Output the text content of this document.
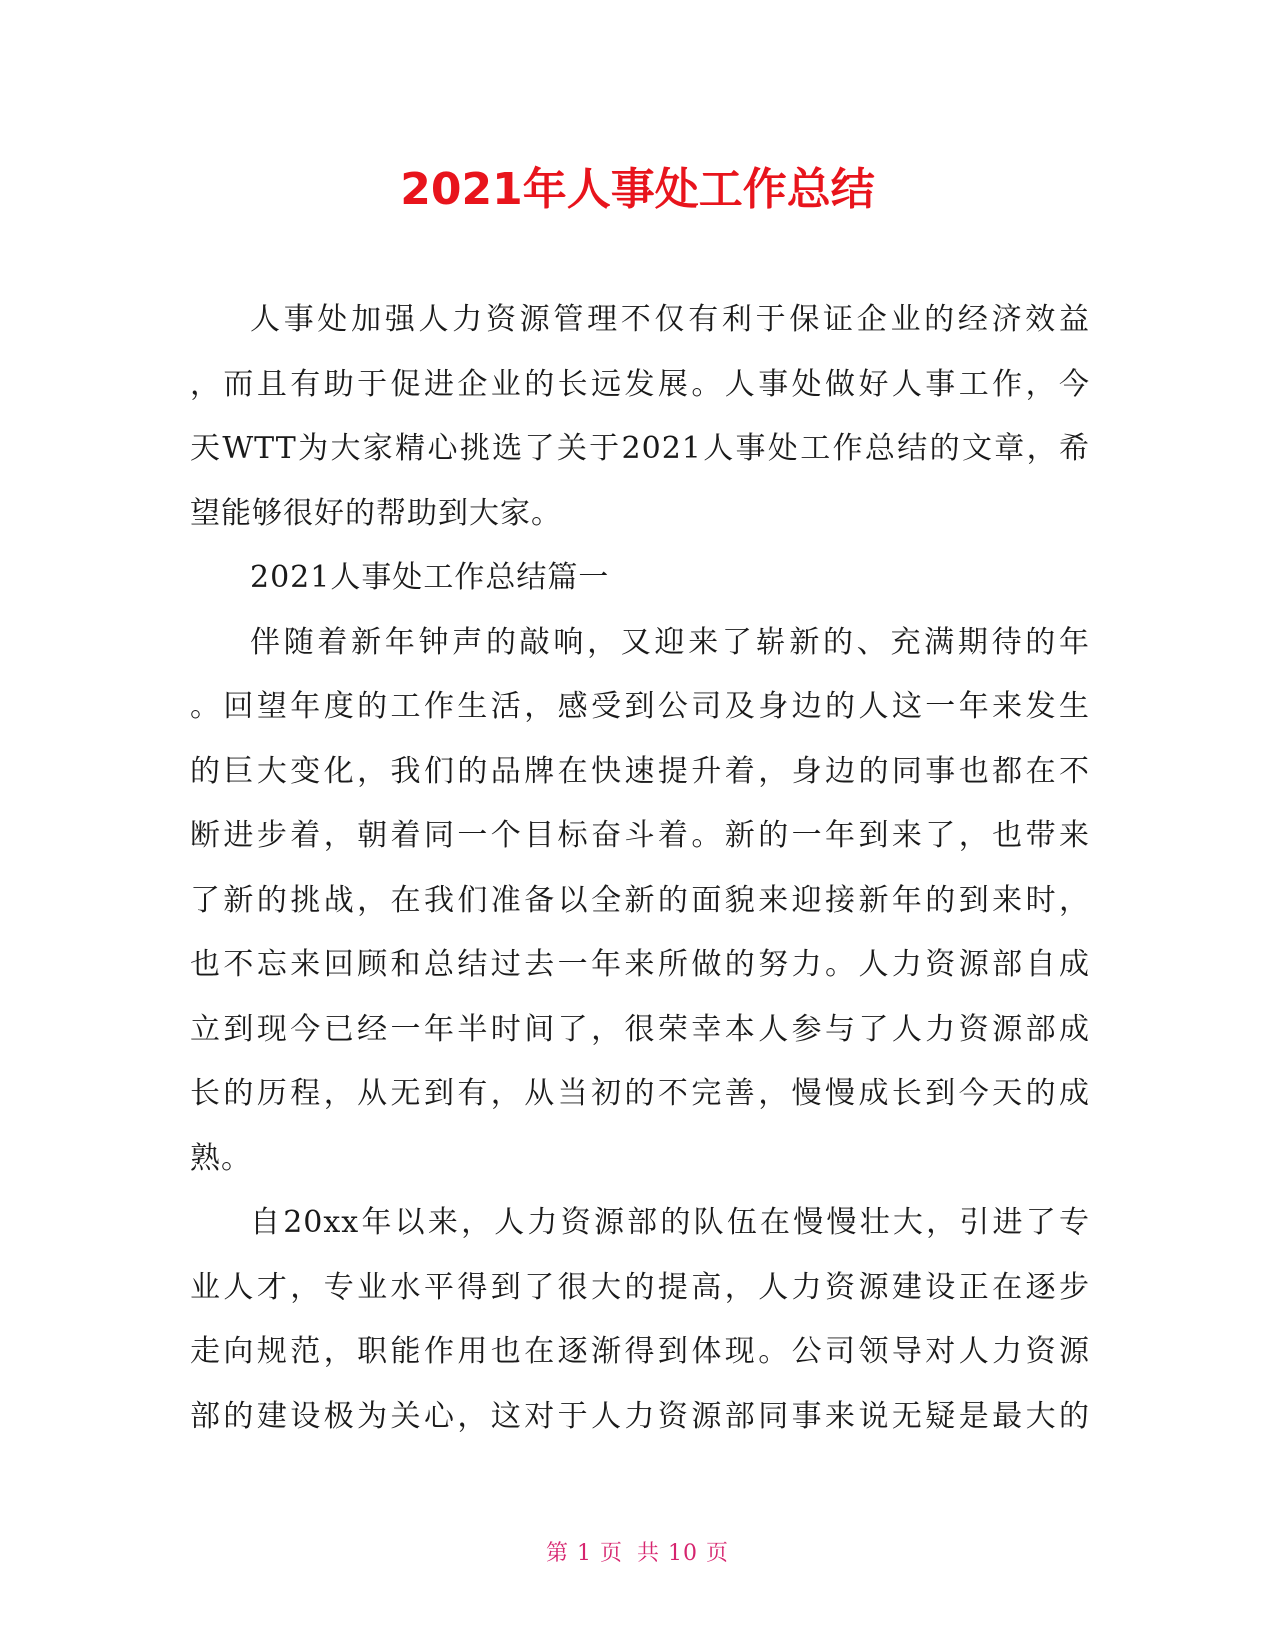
2021年人事处工作总结
人事处加强人力资源管理不仅有利于保证企业的经济效益
，而且有助于促进企业的长远发展。人事处做好人事工作，今
天WTT为大家精心挑选了关于2021人事处工作总结的文章，希
望能够很好的帮助到大家。
2021人事处工作总结篇一
伴随着新年钟声的敲响，又迎来了崭新的、充满期待的年
。回望年度的工作生活，感受到公司及身边的人这一年来发生
的巨大变化，我们的品牌在快速提升着，身边的同事也都在不
断进步着，朝着同一个目标奋斗着。新的一年到来了，也带来
了新的挑战，在我们准备以全新的面貌来迎接新年的到来时，
也不忘来回顾和总结过去一年来所做的努力。人力资源部自成
立到现今已经一年半时间了，很荣幸本人参与了人力资源部成
长的历程，从无到有，从当初的不完善，慢慢成长到今天的成
熟。
自20xx年以来，人力资源部的队伍在慢慢壮大，引进了专
业人才，专业水平得到了很大的提高，人力资源建设正在逐步
走向规范，职能作用也在逐渐得到体现。公司领导对人力资源
部的建设极为关心，这对于人力资源部同事来说无疑是最大的
第 1 页 共 10 页
